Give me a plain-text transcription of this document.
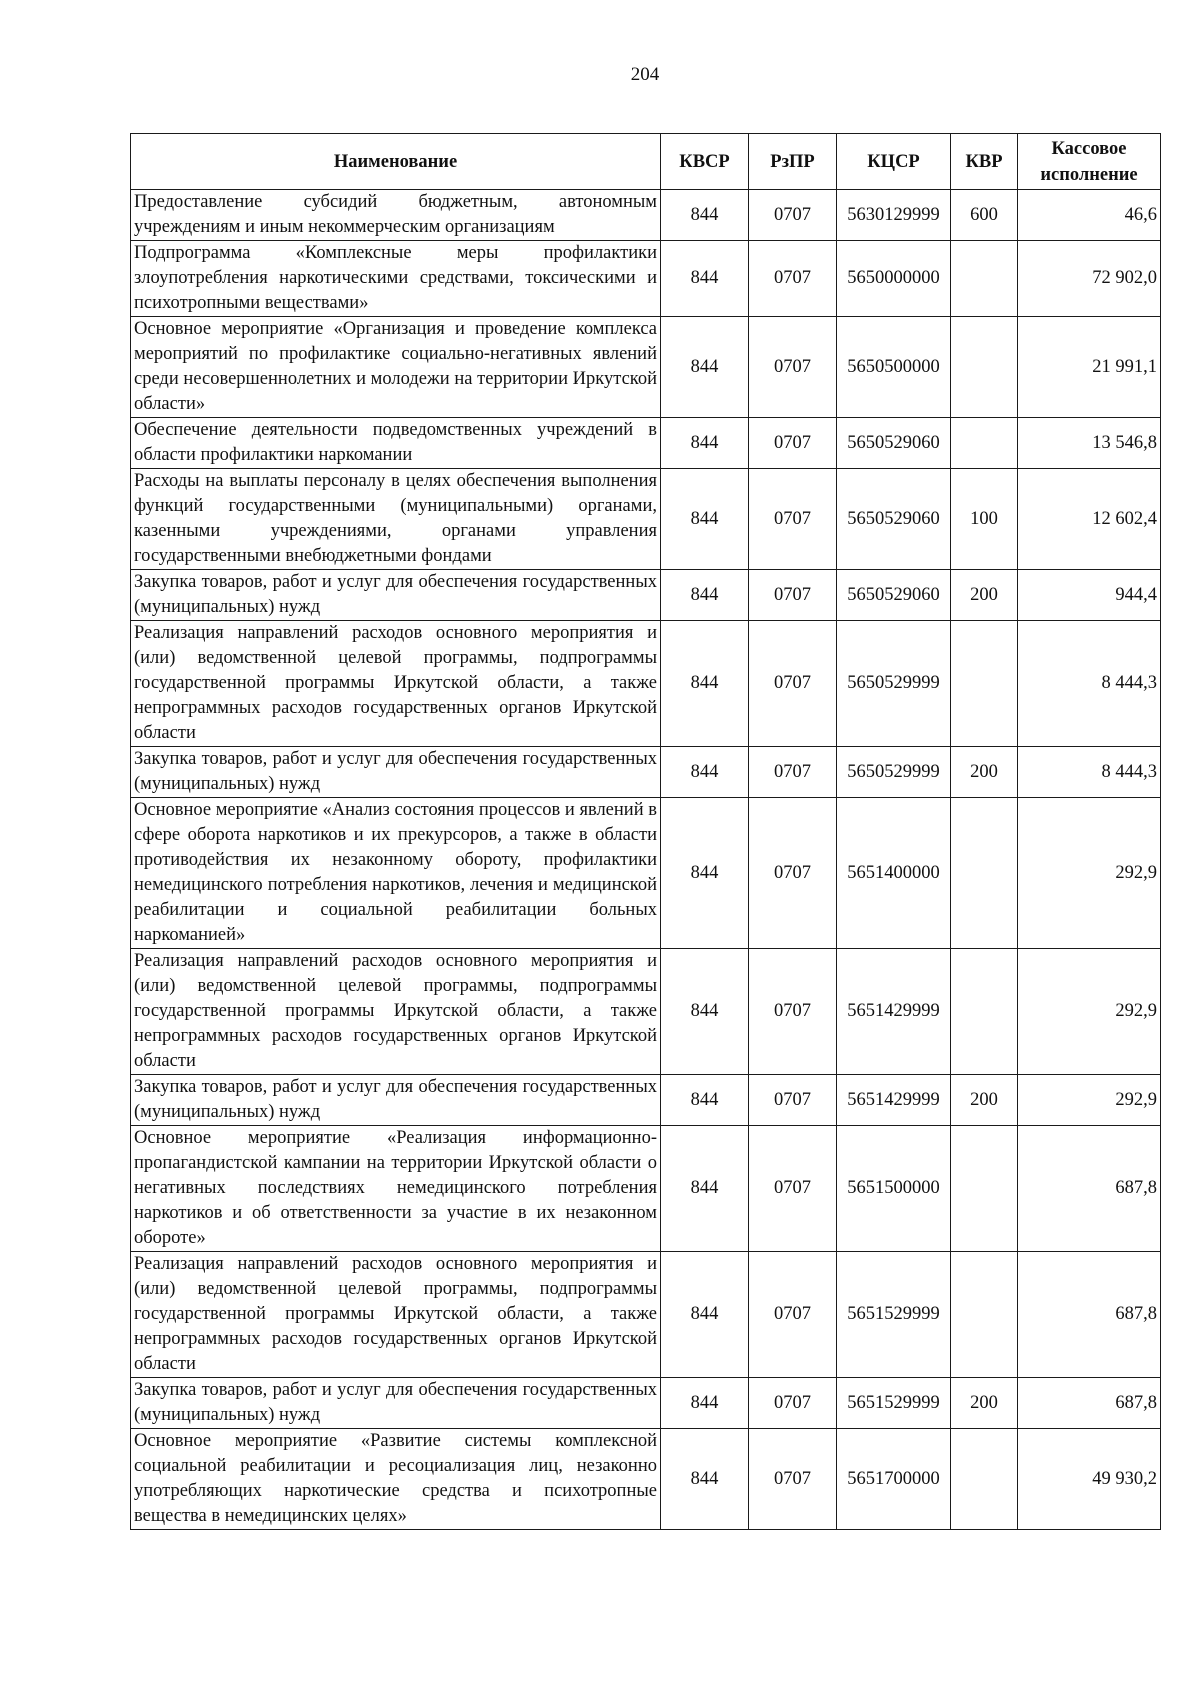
204
Наименование	КВСР	РзПР	КЦСР	КВР	Кассовое исполнение
Предоставление субсидий бюджетным, автономным учреждениям и иным некоммерческим организациям	844	0707	5630129999	600	46,6
Подпрограмма «Комплексные меры профилактики злоупотребления наркотическими средствами, токсическими и психотропными веществами»	844	0707	5650000000		72 902,0
Основное мероприятие «Организация и проведение комплекса мероприятий по профилактике социально-негативных явлений среди несовершеннолетних и молодежи на территории Иркутской области»	844	0707	5650500000		21 991,1
Обеспечение деятельности подведомственных учреждений в области профилактики наркомании	844	0707	5650529060		13 546,8
Расходы на выплаты персоналу в целях обеспечения выполнения функций государственными (муниципальными) органами, казенными учреждениями, органами управления государственными внебюджетными фондами	844	0707	5650529060	100	12 602,4
Закупка товаров, работ и услуг для обеспечения государственных (муниципальных) нужд	844	0707	5650529060	200	944,4
Реализация направлений расходов основного мероприятия и (или) ведомственной целевой программы, подпрограммы государственной программы Иркутской области, а также непрограммных расходов государственных органов Иркутской области	844	0707	5650529999		8 444,3
Закупка товаров, работ и услуг для обеспечения государственных (муниципальных) нужд	844	0707	5650529999	200	8 444,3
Основное мероприятие «Анализ состояния процессов и явлений в сфере оборота наркотиков и их прекурсоров, а также в области противодействия их незаконному обороту, профилактики немедицинского потребления наркотиков, лечения и медицинской реабилитации и социальной реабилитации больных наркоманией»	844	0707	5651400000		292,9
Реализация направлений расходов основного мероприятия и (или) ведомственной целевой программы, подпрограммы государственной программы Иркутской области, а также непрограммных расходов государственных органов Иркутской области	844	0707	5651429999		292,9
Закупка товаров, работ и услуг для обеспечения государственных (муниципальных) нужд	844	0707	5651429999	200	292,9
Основное мероприятие «Реализация информационно-пропагандистской кампании на территории Иркутской области о негативных последствиях немедицинского потребления наркотиков и об ответственности за участие в их незаконном обороте»	844	0707	5651500000		687,8
Реализация направлений расходов основного мероприятия и (или) ведомственной целевой программы, подпрограммы государственной программы Иркутской области, а также непрограммных расходов государственных органов Иркутской области	844	0707	5651529999		687,8
Закупка товаров, работ и услуг для обеспечения государственных (муниципальных) нужд	844	0707	5651529999	200	687,8
Основное мероприятие «Развитие системы комплексной социальной реабилитации и ресоциализация лиц, незаконно употребляющих наркотические средства и психотропные вещества в немедицинских целях»	844	0707	5651700000		49 930,2
